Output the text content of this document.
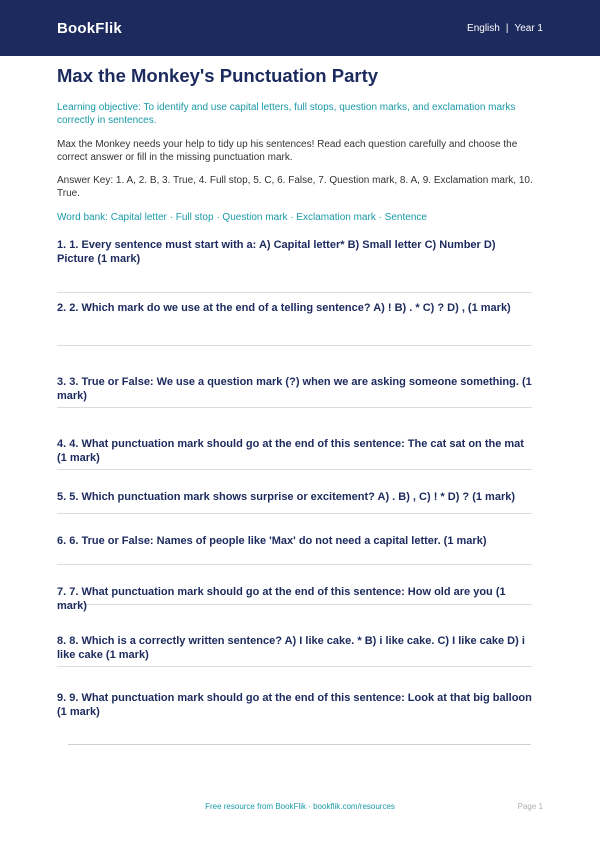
BookFlik	English | Year 1
Max the Monkey's Punctuation Party
Learning objective: To identify and use capital letters, full stops, question marks, and exclamation marks correctly in sentences.
Max the Monkey needs your help to tidy up his sentences! Read each question carefully and choose the correct answer or fill in the missing punctuation mark.
Answer Key: 1. A, 2. B, 3. True, 4. Full stop, 5. C, 6. False, 7. Question mark, 8. A, 9. Exclamation mark, 10. True.
Word bank: Capital letter · Full stop · Question mark · Exclamation mark · Sentence
1. 1. Every sentence must start with a: A) Capital letter* B) Small letter C) Number D) Picture (1 mark)
2. 2. Which mark do we use at the end of a telling sentence? A) ! B) . * C) ? D) , (1 mark)
3. 3. True or False: We use a question mark (?) when we are asking someone something. (1 mark)
4. 4. What punctuation mark should go at the end of this sentence: The cat sat on the mat (1 mark)
5. 5. Which punctuation mark shows surprise or excitement? A) . B) , C) ! * D) ? (1 mark)
6. 6. True or False: Names of people like 'Max' do not need a capital letter. (1 mark)
7. 7. What punctuation mark should go at the end of this sentence: How old are you (1 mark)
8. 8. Which is a correctly written sentence? A) I like cake. * B) i like cake. C) I like cake D) i like cake (1 mark)
9. 9. What punctuation mark should go at the end of this sentence: Look at that big balloon (1 mark)
Free resource from BookFlik · bookflik.com/resources	Page 1
